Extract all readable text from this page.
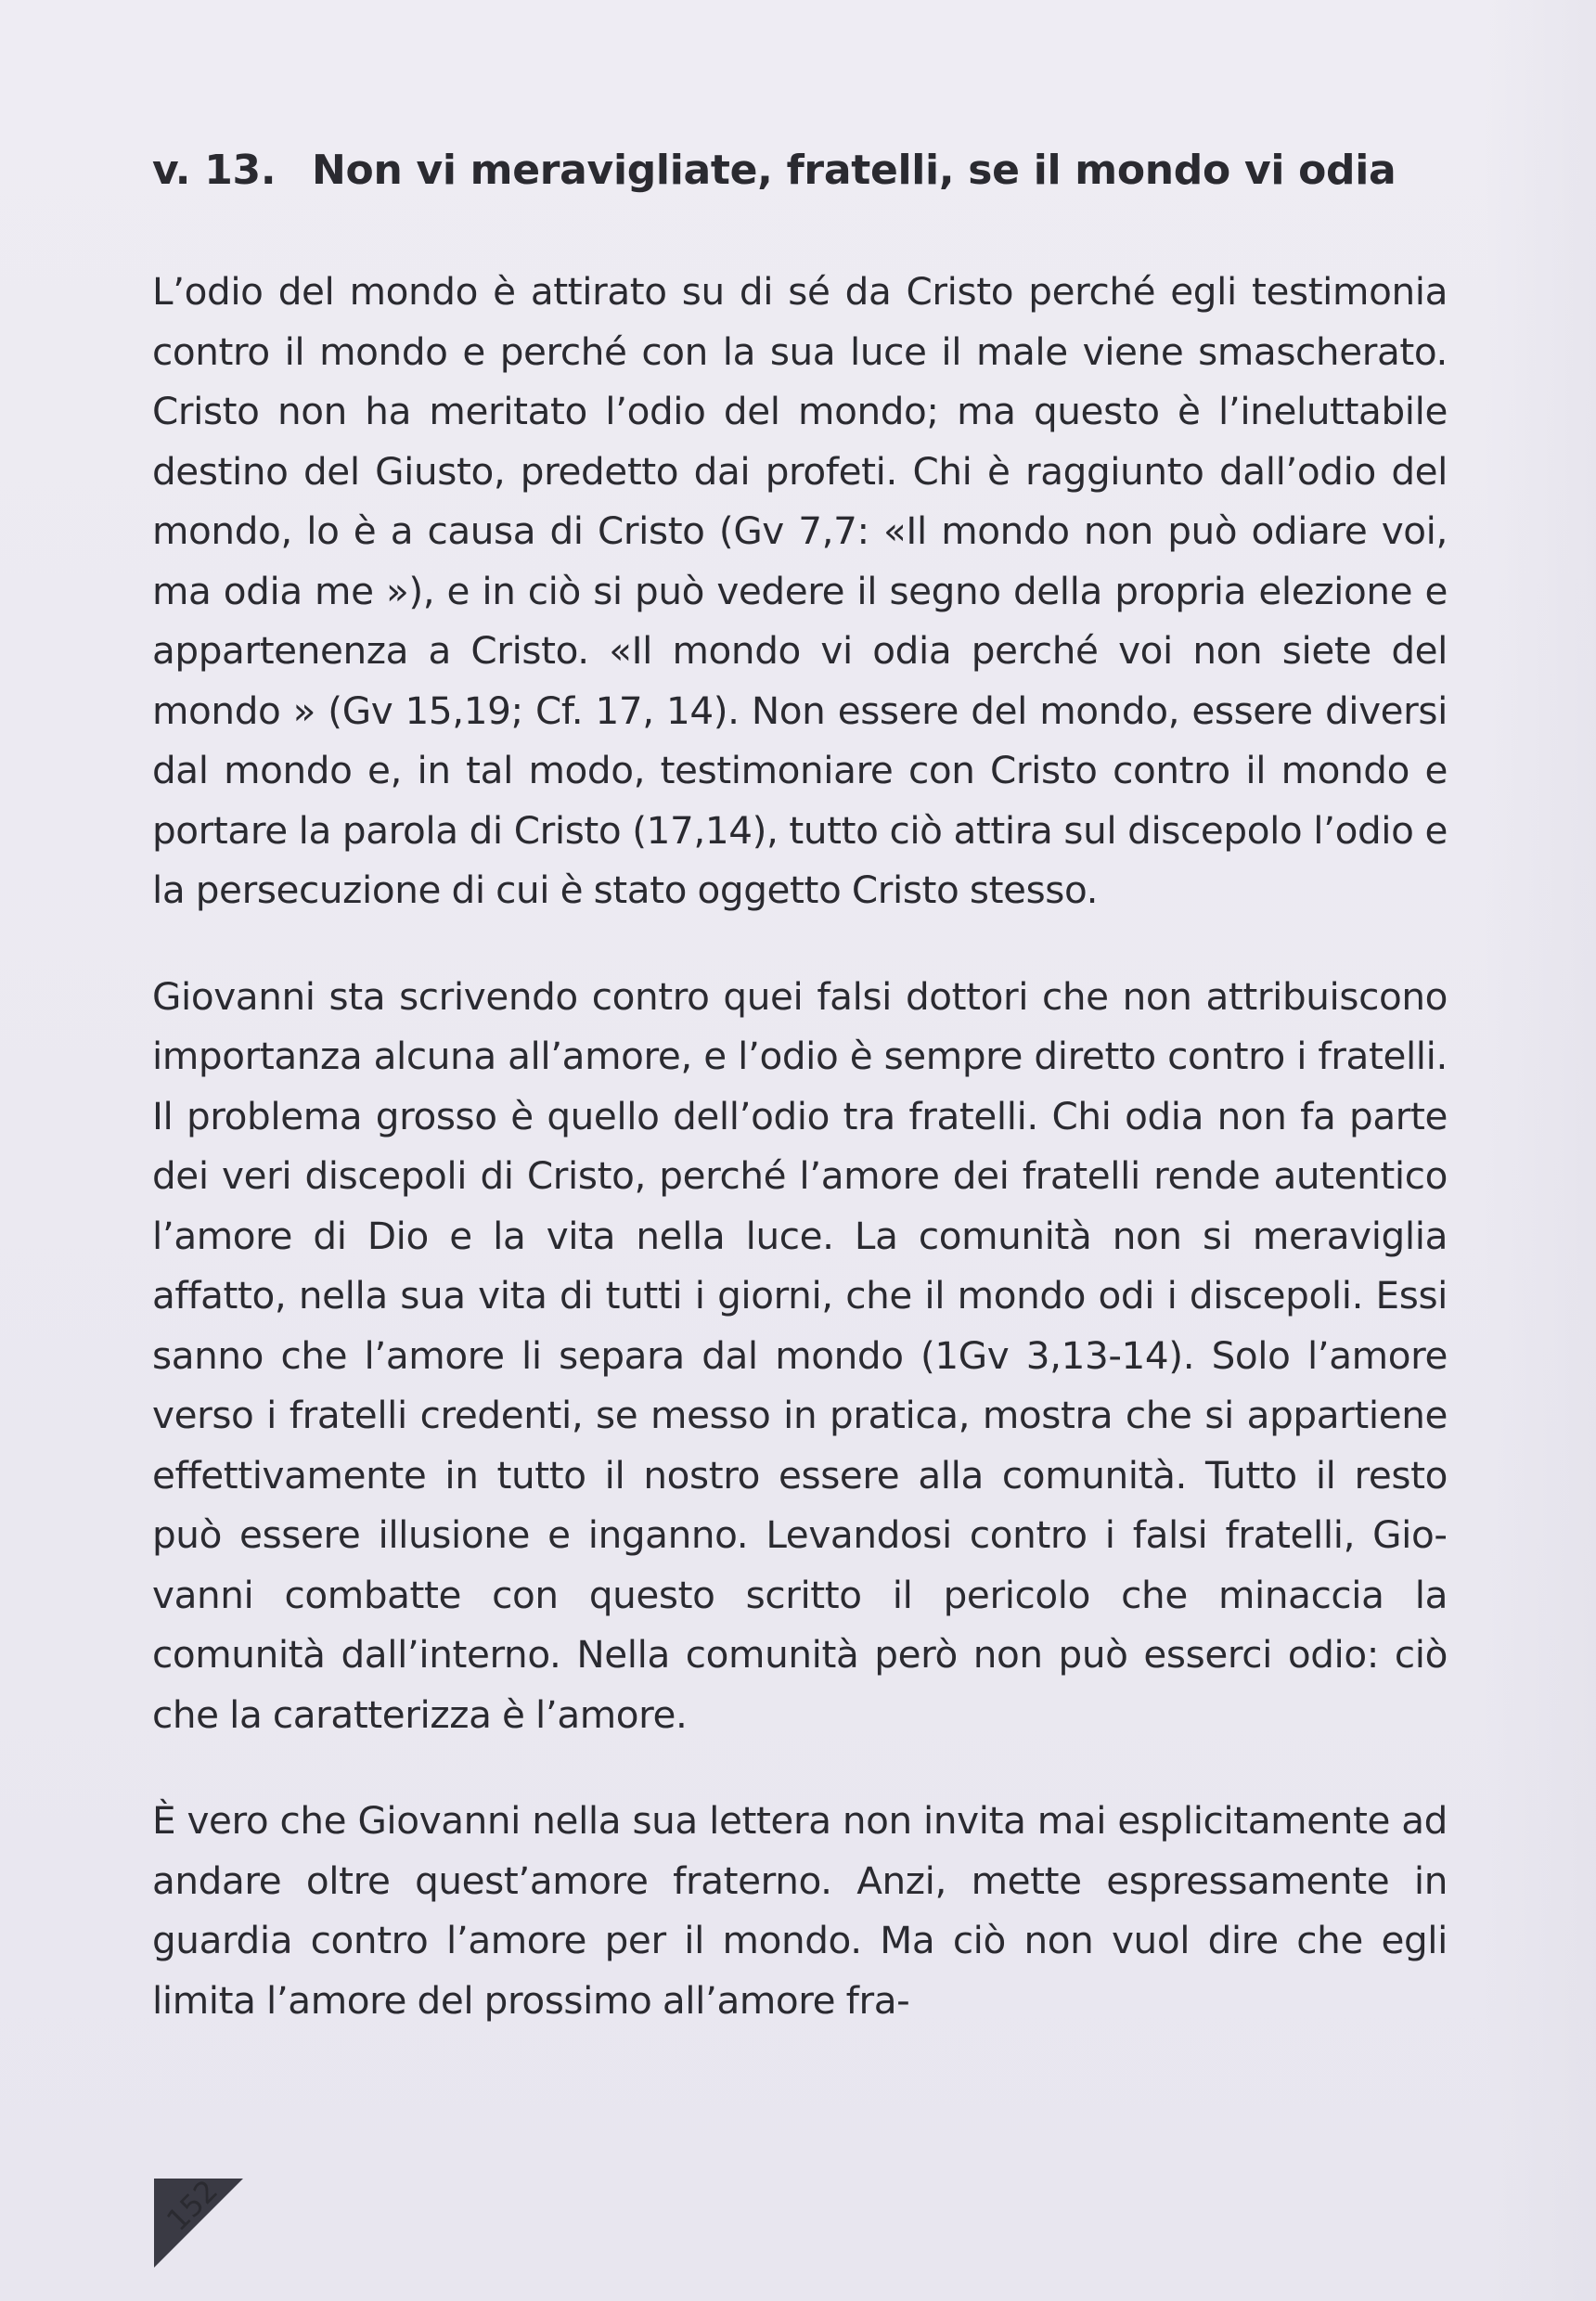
v. 13. Non vi meravigliate, fratelli, se il mondo vi odia

L’odio del mondo è attirato su di sé da Cristo perché egli testimonia contro il mondo e perché con la sua luce il male viene smascherato. Cristo non ha meritato l’odio del mondo; ma questo è l’ineluttabile destino del Giusto, predetto dai profeti. Chi è raggiunto dall’odio del mondo, lo è a causa di Cristo (Gv 7,7: «Il mondo non può odiare voi, ma odia me »), e in ciò si può vedere il segno della propria elezione e appartenenza a Cristo. «Il mondo vi odia perché voi non siete del mondo » (Gv 15,19; Cf. 17, 14). Non essere del mondo, essere diversi dal mondo e, in tal modo, testimoniare con Cristo contro il mondo e portare la parola di Cristo (17,14), tutto ciò attira sul discepolo l’odio e la persecuzione di cui è stato oggetto Cristo stesso.

Giovanni sta scrivendo contro quei falsi dottori che non attribuiscono importanza alcuna all’amore, e l’odio è sempre diretto contro i fratelli. Il problema grosso è quello dell’odio tra fratelli. Chi odia non fa parte dei veri discepoli di Cristo, perché l’amore dei fratelli rende autentico l’amore di Dio e la vita nella luce. La comunità non si meraviglia affatto, nella sua vita di tutti i giorni, che il mondo odi i discepoli. Essi sanno che l’amore li separa dal mondo (1Gv 3,13-14). Solo l’amore verso i fratelli credenti, se messo in pratica, mostra che si appartiene effettivamente in tutto il nostro essere alla comunità. Tutto il resto può essere illusione e inganno. Levandosi contro i falsi fratelli, Giovanni combatte con questo scritto il pericolo che minaccia la comunità dall’interno. Nella comunità però non può esserci odio: ciò che la caratterizza è l’amore.

È vero che Giovanni nella sua lettera non invita mai esplicitamente ad andare oltre quest’amore fraterno. Anzi, mette espressamente in guardia contro l’amore per il mondo. Ma ciò non vuol dire che egli limita l’amore del prossimo all’amore fra-

152
